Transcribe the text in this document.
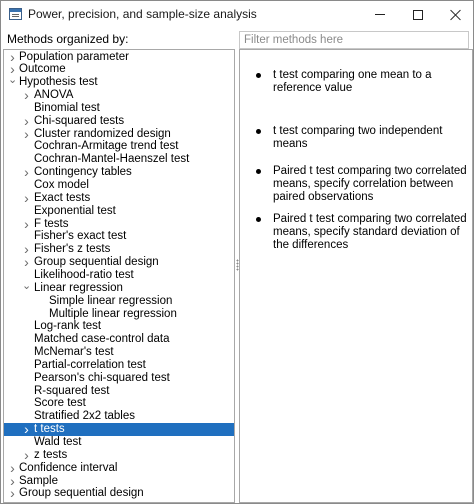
Power, precision, and sample-size analysis
Methods organized by:
Filter methods here
› Population parameter
› Outcome
⌄ Hypothesis test
› ANOVA
Binomial test
› Chi-squared tests
› Cluster randomized design
Cochran-Armitage trend test
Cochran-Mantel-Haenszel test
› Contingency tables
Cox model
› Exact tests
Exponential test
› F tests
Fisher's exact test
› Fisher's z tests
› Group sequential design
Likelihood-ratio test
⌄ Linear regression
Simple linear regression
Multiple linear regression
Log-rank test
Matched case-control data
McNemar's test
Partial-correlation test
Pearson's chi-squared test
R-squared test
Score test
Stratified 2x2 tables
› t tests
Wald test
› z tests
› Confidence interval
› Sample
› Group sequential design
t test comparing one mean to a reference value
t test comparing two independent means
Paired t test comparing two correlated means, specify correlation between paired observations
Paired t test comparing two correlated means, specify standard deviation of the differences
